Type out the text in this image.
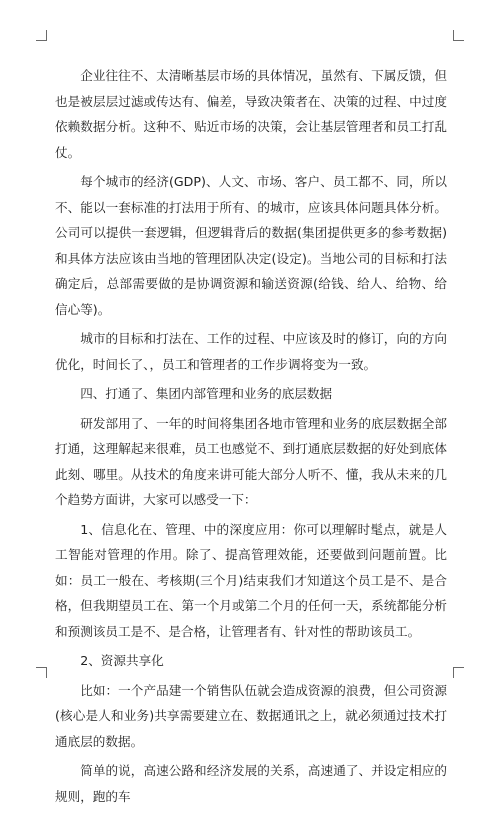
企业往往不、太清晰基层市场的具体情况，虽然有、下属反馈，但也是被层层过滤或传达有、偏差，导致决策者在、决策的过程、中过度依赖数据分析。这种不、贴近市场的决策，会让基层管理者和员工打乱仗。

每个城市的经济(GDP)、人文、市场、客户、员工都不、同，所以不、能以一套标准的打法用于所有、的城市，应该具体问题具体分析。公司可以提供一套逻辑，但逻辑背后的数据(集团提供更多的参考数据)和具体方法应该由当地的管理团队决定(设定)。当地公司的目标和打法确定后，总部需要做的是协调资源和输送资源(给钱、给人、给物、给信心等)。

城市的目标和打法在、工作的过程、中应该及时的修订，向的方向优化，时间长了、，员工和管理者的工作步调将变为一致。

四、打通了、集团内部管理和业务的底层数据

研发部用了、一年的时间将集团各地市管理和业务的底层数据全部打通，这理解起来很难，员工也感觉不、到打通底层数据的好处到底体此刻、哪里。从技术的角度来讲可能大部分人听不、懂，我从未来的几个趋势方面讲，大家可以感受一下：

1、信息化在、管理、中的深度应用：你可以理解时髦点，就是人工智能对管理的作用。除了、提高管理效能，还要做到问题前置。比如：员工一般在、考核期(三个月)结束我们才知道这个员工是不、是合格，但我期望员工在、第一个月或第二个月的任何一天，系统都能分析和预测该员工是不、是合格，让管理者有、针对性的帮助该员工。

2、资源共享化

比如：一个产品建一个销售队伍就会造成资源的浪费，但公司资源(核心是人和业务)共享需要建立在、数据通讯之上，就必须通过技术打通底层的数据。

简单的说，高速公路和经济发展的关系，高速通了、并设定相应的规则，跑的车
